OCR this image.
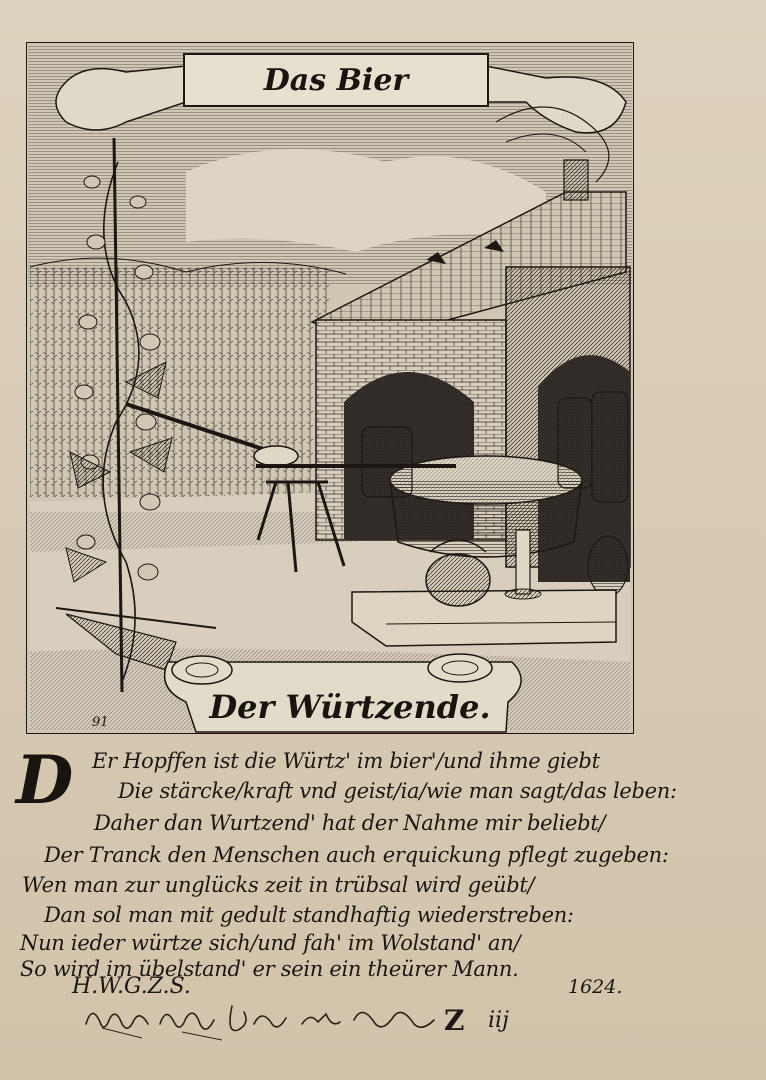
Das Bier
Der Würtzende.
91
D Er Hopffen ist die Würtz' im bier'/und ihme giebt
Die stärcke/kraft vnd geist/ia/wie man sagt/das leben:
Daher dan Wurtzend' hat der Nahme mir beliebt/
Der Tranck den Menschen auch erquickung pflegt zugeben:
Wen man zur unglücks zeit in trübsal wird geübt/
Dan sol man mit gedult standhaftig wiederstreben:
Nun ieder würtze sich/und fah' im Wolstand' an/
So wird im übelstand' er sein ein theürer Mann.
H.W.G.Z.S.	1624.
Z iij
